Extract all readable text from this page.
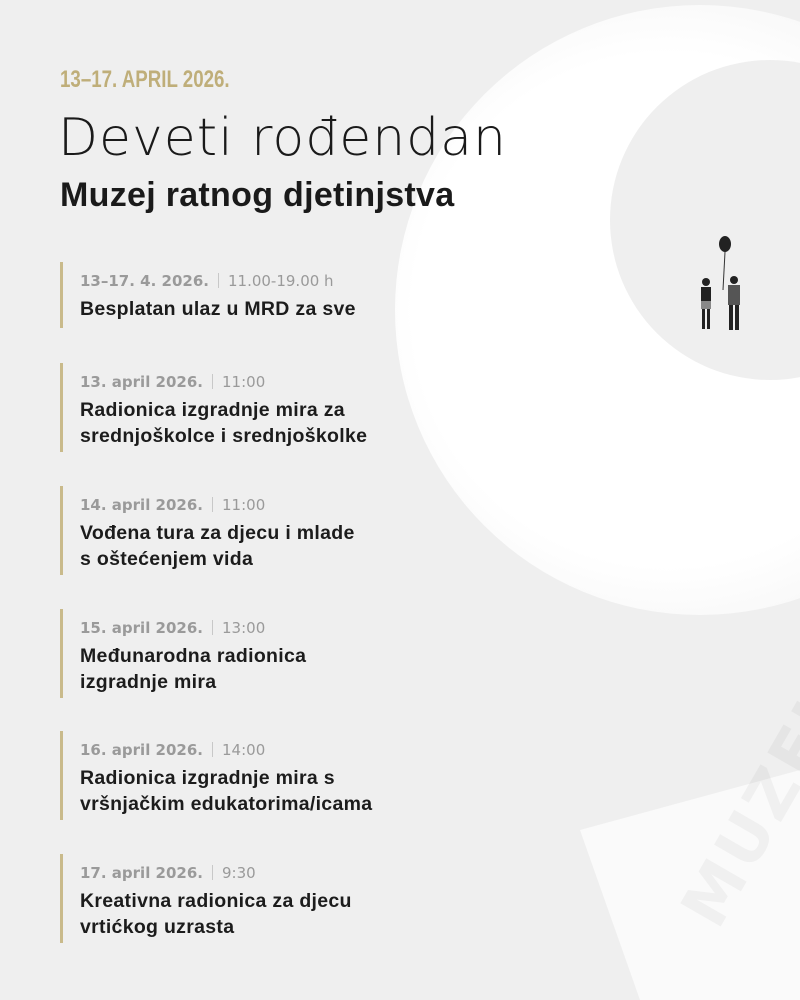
13–17. APRIL 2026.
Deveti rođendan
Muzej ratnog djetinjstva
13–17. 4. 2026. 11.00-19.00 h
Besplatan ulaz u MRD za sve
13. april 2026. 11:00
Radionica izgradnje mira za
srednjoškolce i srednjoškolke
14. april 2026. 11:00
Vođena tura za djecu i mlade
s oštećenjem vida
15. april 2026. 13:00
Međunarodna radionica
izgradnje mira
16. april 2026. 14:00
Radionica izgradnje mira s
vršnjačkim edukatorima/icama
17. april 2026. 9:30
Kreativna radionica za djecu
vrtićkog uzrasta
